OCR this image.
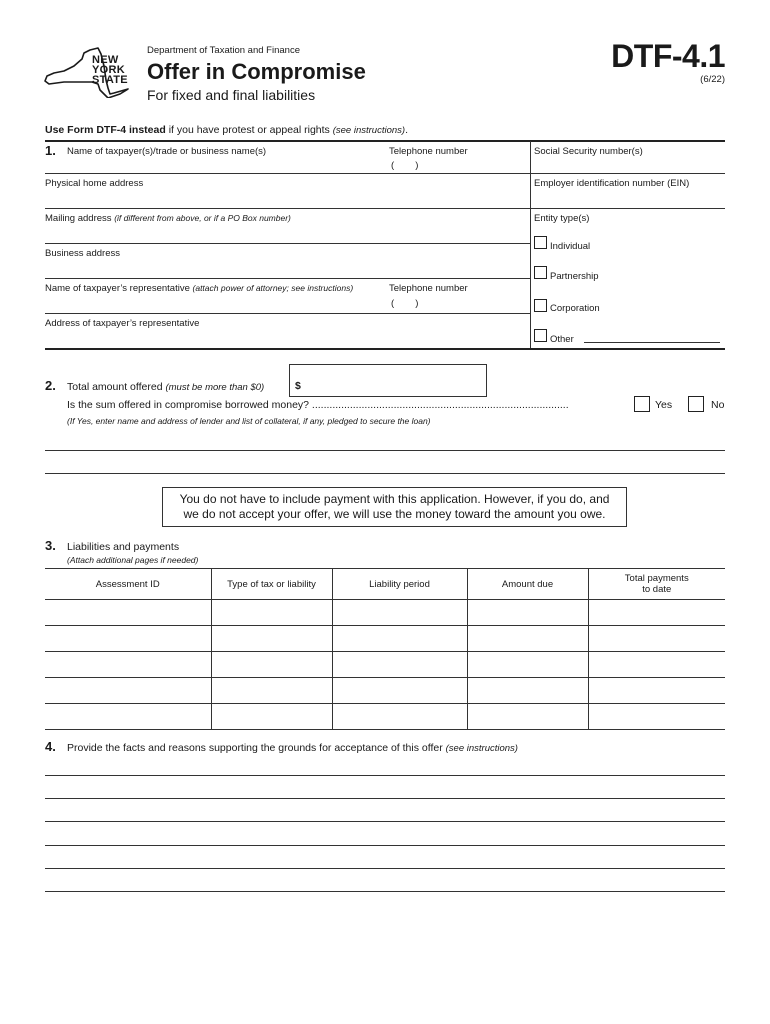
NEW
YORK
STATE
Department of Taxation and Finance
Offer in Compromise
For fixed and final liabilities
DTF-4.1
(6/22)
Use Form DTF-4 instead if you have protest or appeal rights (see instructions).
1. Name of taxpayer(s)/trade or business name(s)	Telephone number
(        )
Social Security number(s)
Physical home address	Employer identification number (EIN)
Mailing address (if different from above, or if a PO Box number)	Entity type(s)
Business address
Name of taxpayer’s representative (attach power of attorney; see instructions)	Telephone number
(        )
Address of taxpayer’s representative
Individual
Partnership
Corporation
Other
2. Total amount offered (must be more than $0)	$
Is the sum offered in compromise borrowed money? ........................................................................................	Yes	No
(If Yes, enter name and address of lender and list of collateral, if any, pledged to secure the loan)
You do not have to include payment with this application. However, if you do, and
we do not accept your offer, we will use the money toward the amount you owe.
3. Liabilities and payments
(Attach additional pages if needed)
Assessment ID	Type of tax or liability	Liability period	Amount due	Total payments
to date

4. Provide the facts and reasons supporting the grounds for acceptance of this offer (see instructions)
